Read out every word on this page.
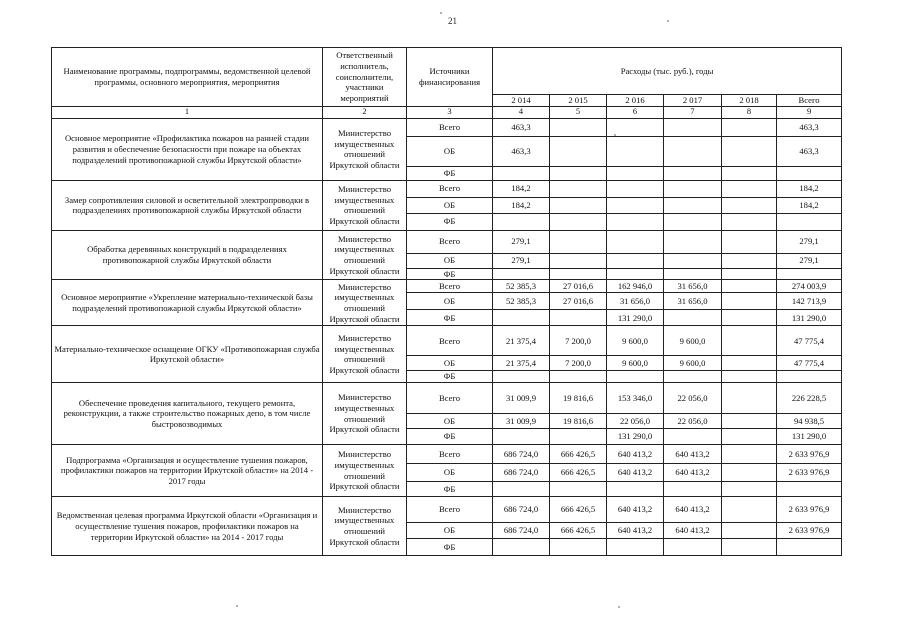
21
Наименование программы, подпрограммы, ведомственной целевой программы, основного мероприятия, мероприятия	Ответственный исполнитель, соисполнители, участники мероприятий	Источники финансирования	Расходы (тыс. руб.), годы					
			2 014	2 015	2 016	2 017	2 018	Всего
1	2	3	4	5	6	7	8	9
Основное мероприятие «Профилактика пожаров на ранней стадии развития и обеспечение безопасности при пожаре на объектах подразделений противопожарной службы Иркутской области»	Министерство имущественных отношений Иркутской области	Всего	463,3					463,3
		ОБ	463,3					463,3
		ФБ						
Замер сопротивления силовой и осветительной электропроводки в подразделениях противопожарной службы Иркутской области	Министерство имущественных отношений Иркутской области	Всего	184,2					184,2
		ОБ	184,2					184,2
		ФБ						
Обработка деревянных конструкций в подразделениях противопожарной службы Иркутской области	Министерство имущественных отношений Иркутской области	Всего	279,1					279,1
		ОБ	279,1					279,1
		ФБ						
Основное мероприятие «Укрепление материально-технической базы подразделений противопожарной службы Иркутской области»	Министерство имущественных отношений Иркутской области	Всего	52 385,3	27 016,6	162 946,0	31 656,0		274 003,9
		ОБ	52 385,3	27 016,6	31 656,0	31 656,0		142 713,9
		ФБ			131 290,0			131 290,0
Материально-техническое оснащение ОГКУ «Противопожарная служба Иркутской области»	Министерство имущественных отношений Иркутской области	Всего	21 375,4	7 200,0	9 600,0	9 600,0		47 775,4
		ОБ	21 375,4	7 200,0	9 600,0	9 600,0		47 775,4
		ФБ						
Обеспечение проведения капитального, текущего ремонта, реконструкции, а также строительство пожарных депо, в том числе быстровозводимых	Министерство имущественных отношений Иркутской области	Всего	31 009,9	19 816,6	153 346,0	22 056,0		226 228,5
		ОБ	31 009,9	19 816,6	22 056,0	22 056,0		94 938,5
		ФБ			131 290,0			131 290,0
Подпрограмма «Организация и осуществление тушения пожаров, профилактики пожаров на территории Иркутской области» на 2014 - 2017 годы	Министерство имущественных отношений Иркутской области	Всего	686 724,0	666 426,5	640 413,2	640 413,2		2 633 976,9
		ОБ	686 724,0	666 426,5	640 413,2	640 413,2		2 633 976,9
		ФБ						
Ведомственная целевая программа Иркутской области «Организация и осуществление тушения пожаров, профилактики пожаров на территории Иркутской области» на 2014 - 2017 годы	Министерство имущественных отношений Иркутской области	Всего	686 724,0	666 426,5	640 413,2	640 413,2		2 633 976,9
		ОБ	686 724,0	666 426,5	640 413,2	640 413,2		2 633 976,9
		ФБ						
